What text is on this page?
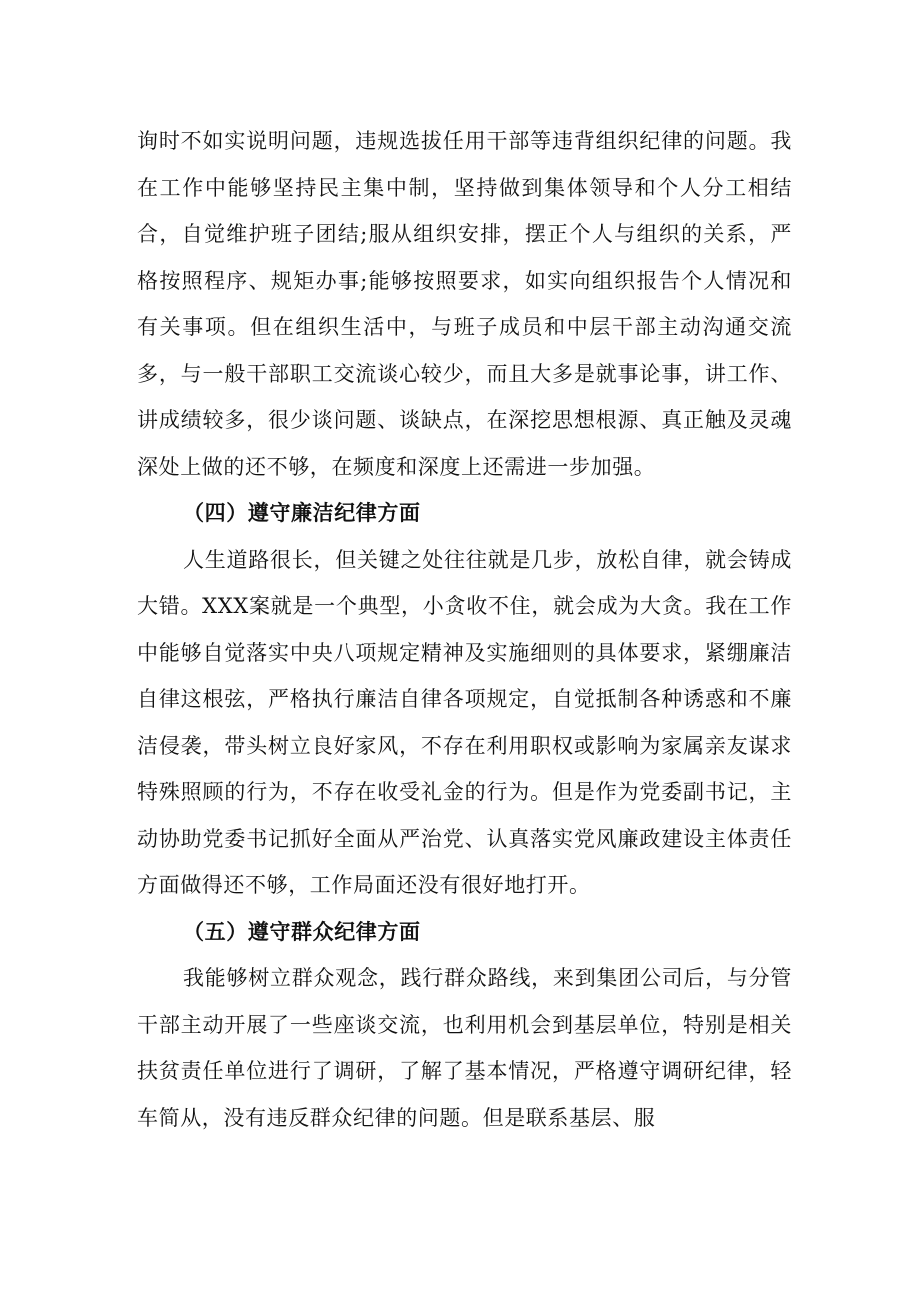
询时不如实说明问题，违规选拔任用干部等违背组织纪律的问题。我在工作中能够坚持民主集中制，坚持做到集体领导和个人分工相结合，自觉维护班子团结;服从组织安排，摆正个人与组织的关系，严格按照程序、规矩办事;能够按照要求，如实向组织报告个人情况和有关事项。但在组织生活中，与班子成员和中层干部主动沟通交流多，与一般干部职工交流谈心较少，而且大多是就事论事，讲工作、讲成绩较多，很少谈问题、谈缺点，在深挖思想根源、真正触及灵魂深处上做的还不够，在频度和深度上还需进一步加强。

（四）遵守廉洁纪律方面

人生道路很长，但关键之处往往就是几步，放松自律，就会铸成大错。XXX案就是一个典型，小贪收不住，就会成为大贪。我在工作中能够自觉落实中央八项规定精神及实施细则的具体要求，紧绷廉洁自律这根弦，严格执行廉洁自律各项规定，自觉抵制各种诱惑和不廉洁侵袭，带头树立良好家风，不存在利用职权或影响为家属亲友谋求特殊照顾的行为，不存在收受礼金的行为。但是作为党委副书记，主动协助党委书记抓好全面从严治党、认真落实党风廉政建设主体责任方面做得还不够，工作局面还没有很好地打开。

（五）遵守群众纪律方面

我能够树立群众观念，践行群众路线，来到集团公司后，与分管干部主动开展了一些座谈交流，也利用机会到基层单位，特别是相关扶贫责任单位进行了调研，了解了基本情况，严格遵守调研纪律，轻车简从，没有违反群众纪律的问题。但是联系基层、服
